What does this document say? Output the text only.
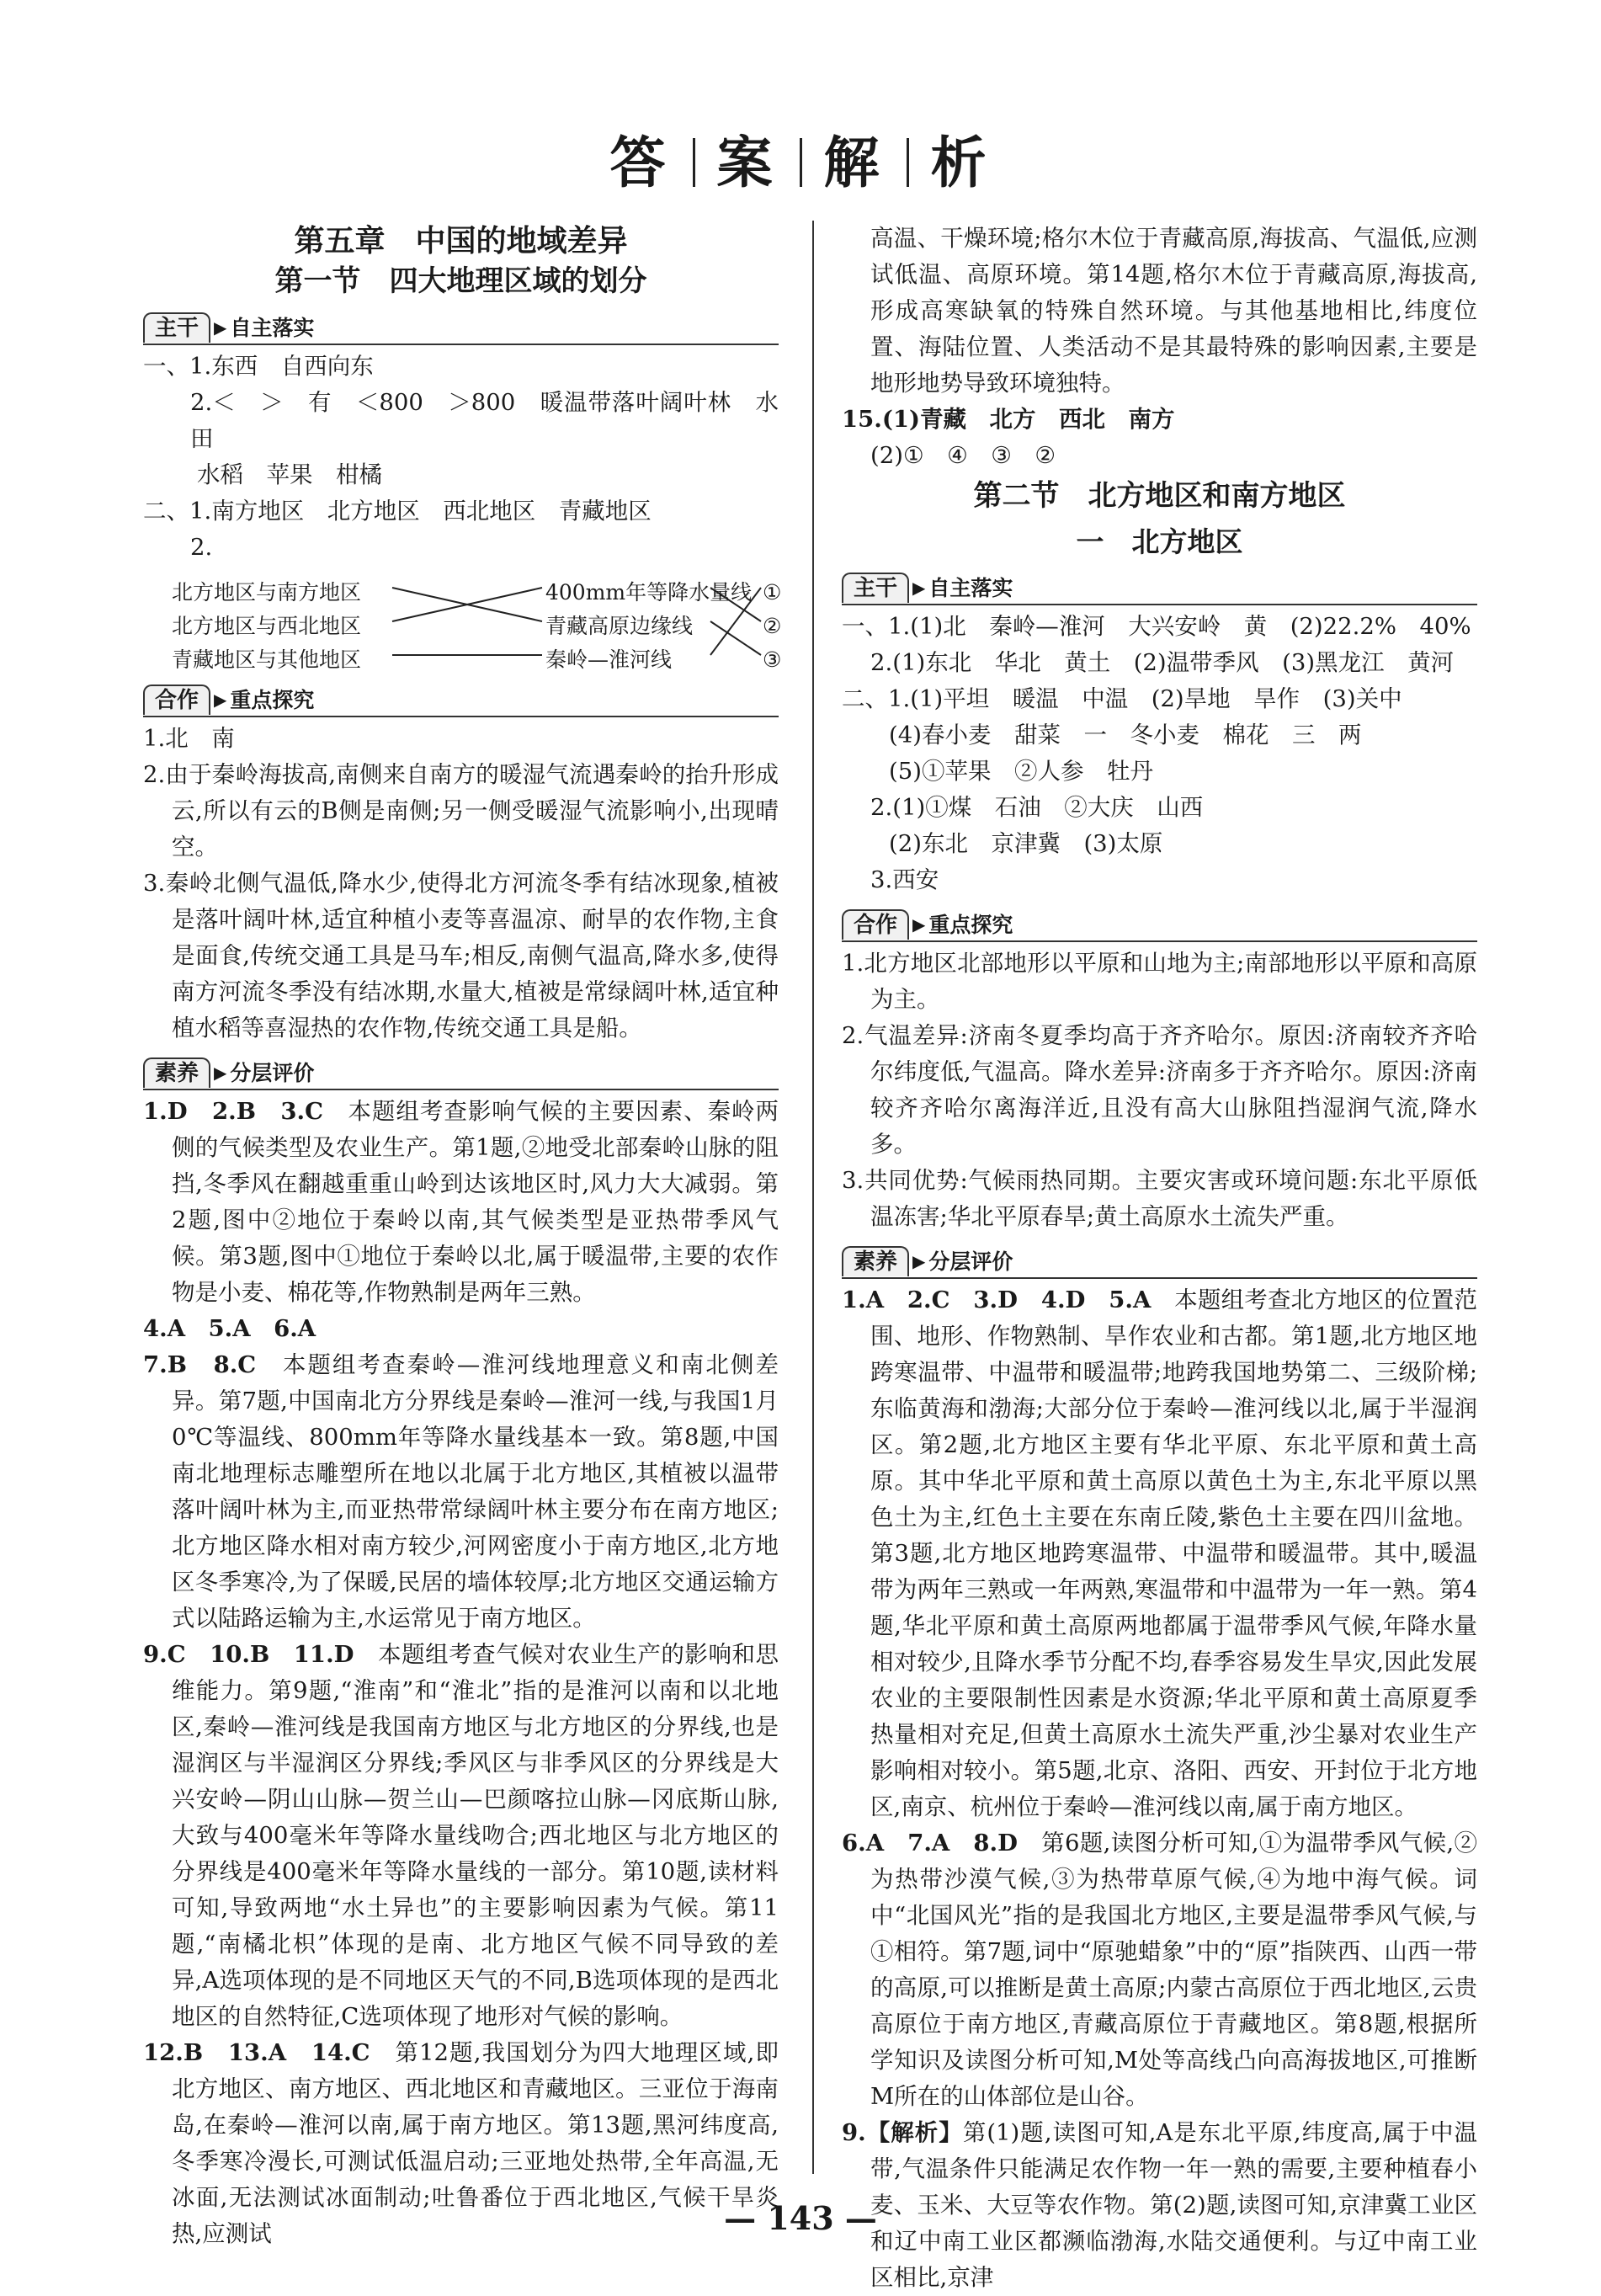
答 案 解 析

第五章　中国的地域差异

第一节　四大地理区域的划分

主干 ▶ 自主落实

一、1.东西　自西向东

2.＜　＞　有　＜800　＞800　暖温带落叶阔叶林　水田

水稻　苹果　柑橘

二、1.南方地区　北方地区　西北地区　青藏地区

2.

北方地区与南方地区
北方地区与西北地区
青藏地区与其他地区
400mm年等降水量线
青藏高原边缘线
秦岭—淮河线
①
②
③
合作 ▶ 重点探究

1.北　南

2.由于秦岭海拔高,南侧来自南方的暖湿气流遇秦岭的抬升形成云,所以有云的B侧是南侧;另一侧受暖湿气流影响小,出现晴空。

3.秦岭北侧气温低,降水少,使得北方河流冬季有结冰现象,植被是落叶阔叶林,适宜种植小麦等喜温凉、耐旱的农作物,主食是面食,传统交通工具是马车;相反,南侧气温高,降水多,使得南方河流冬季没有结冰期,水量大,植被是常绿阔叶林,适宜种植水稻等喜湿热的农作物,传统交通工具是船。

素养 ▶ 分层评价

1.D　2.B　3.C　 本题组考查影响气候的主要因素、秦岭两侧的气候类型及农业生产。第1题,②地受北部秦岭山脉的阻挡,冬季风在翻越重重山岭到达该地区时,风力大大减弱。第2题,图中②地位于秦岭以南,其气候类型是亚热带季风气候。第3题,图中①地位于秦岭以北,属于暖温带,主要的农作物是小麦、棉花等,作物熟制是两年三熟。

4.A　5.A　6.A

7.B　8.C　 本题组考查秦岭—淮河线地理意义和南北侧差异。第7题,中国南北方分界线是秦岭—淮河一线,与我国1月0℃等温线、800mm年等降水量线基本一致。第8题,中国南北地理标志雕塑所在地以北属于北方地区,其植被以温带落叶阔叶林为主,而亚热带常绿阔叶林主要分布在南方地区;北方地区降水相对南方较少,河网密度小于南方地区,北方地区冬季寒冷,为了保暖,民居的墙体较厚;北方地区交通运输方式以陆路运输为主,水运常见于南方地区。

9.C　10.B　11.D　 本题组考查气候对农业生产的影响和思维能力。第9题,“淮南”和“淮北”指的是淮河以南和以北地区,秦岭—淮河线是我国南方地区与北方地区的分界线,也是湿润区与半湿润区分界线;季风区与非季风区的分界线是大兴安岭—阴山山脉—贺兰山—巴颜喀拉山脉—冈底斯山脉,大致与400毫米年等降水量线吻合;西北地区与北方地区的分界线是400毫米年等降水量线的一部分。第10题,读材料可知,导致两地“水土异也”的主要影响因素为气候。第11题,“南橘北枳”体现的是南、北方地区气候不同导致的差异,A选项体现的是不同地区天气的不同,B选项体现的是西北地区的自然特征,C选项体现了地形对气候的影响。

12.B　13.A　14.C　 第12题,我国划分为四大地理区域,即北方地区、南方地区、西北地区和青藏地区。三亚位于海南岛,在秦岭—淮河以南,属于南方地区。第13题,黑河纬度高,冬季寒冷漫长,可测试低温启动;三亚地处热带,全年高温,无冰面,无法测试冰面制动;吐鲁番位于西北地区,气候干旱炎热,应测试

高温、干燥环境;格尔木位于青藏高原,海拔高、气温低,应测试低温、高原环境。第14题,格尔木位于青藏高原,海拔高,形成高寒缺氧的特殊自然环境。与其他基地相比,纬度位置、海陆位置、人类活动不是其最特殊的影响因素,主要是地形地势导致环境独特。

15.(1)青藏　北方　西北　南方

(2)①　④　③　②

第二节　北方地区和南方地区

一　北方地区

主干 ▶ 自主落实

一、1.(1)北　秦岭—淮河　大兴安岭　黄　(2)22.2%　40%

2.(1)东北　华北　黄土　(2)温带季风　(3)黑龙江　黄河

二、1.(1)平坦　暖温　中温　(2)旱地　旱作　(3)关中

(4)春小麦　甜菜　一　冬小麦　棉花　三　两

(5)①苹果　②人参　牡丹

2.(1)①煤　石油　②大庆　山西

(2)东北　京津冀　(3)太原

3.西安

合作 ▶ 重点探究

1.北方地区北部地形以平原和山地为主;南部地形以平原和高原为主。

2.气温差异:济南冬夏季均高于齐齐哈尔。原因:济南较齐齐哈尔纬度低,气温高。降水差异:济南多于齐齐哈尔。原因:济南较齐齐哈尔离海洋近,且没有高大山脉阻挡湿润气流,降水多。

3.共同优势:气候雨热同期。主要灾害或环境问题:东北平原低温冻害;华北平原春旱;黄土高原水土流失严重。

素养 ▶ 分层评价

1.A　2.C　3.D　4.D　5.A　 本题组考查北方地区的位置范围、地形、作物熟制、旱作农业和古都。第1题,北方地区地跨寒温带、中温带和暖温带;地跨我国地势第二、三级阶梯;东临黄海和渤海;大部分位于秦岭—淮河线以北,属于半湿润区。第2题,北方地区主要有华北平原、东北平原和黄土高原。其中华北平原和黄土高原以黄色土为主,东北平原以黑色土为主,红色土主要在东南丘陵,紫色土主要在四川盆地。第3题,北方地区地跨寒温带、中温带和暖温带。其中,暖温带为两年三熟或一年两熟,寒温带和中温带为一年一熟。第4题,华北平原和黄土高原两地都属于温带季风气候,年降水量相对较少,且降水季节分配不均,春季容易发生旱灾,因此发展农业的主要限制性因素是水资源;华北平原和黄土高原夏季热量相对充足,但黄土高原水土流失严重,沙尘暴对农业生产影响相对较小。第5题,北京、洛阳、西安、开封位于北方地区,南京、杭州位于秦岭—淮河线以南,属于南方地区。

6.A　7.A　8.D　 第6题,读图分析可知,①为温带季风气候,②为热带沙漠气候,③为热带草原气候,④为地中海气候。词中“北国风光”指的是我国北方地区,主要是温带季风气候,与①相符。第7题,词中“原驰蜡象”中的“原”指陕西、山西一带的高原,可以推断是黄土高原;内蒙古高原位于西北地区,云贵高原位于南方地区,青藏高原位于青藏地区。第8题,根据所学知识及读图分析可知,M处等高线凸向高海拔地区,可推断M所在的山体部位是山谷。

9.【解析】第(1)题,读图可知,A是东北平原,纬度高,属于中温带,气温条件只能满足农作物一年一熟的需要,主要种植春小麦、玉米、大豆等农作物。第(2)题,读图可知,京津冀工业区和辽中南工业区都濒临渤海,水陆交通便利。与辽中南工业区相比,京津

— 143 —
